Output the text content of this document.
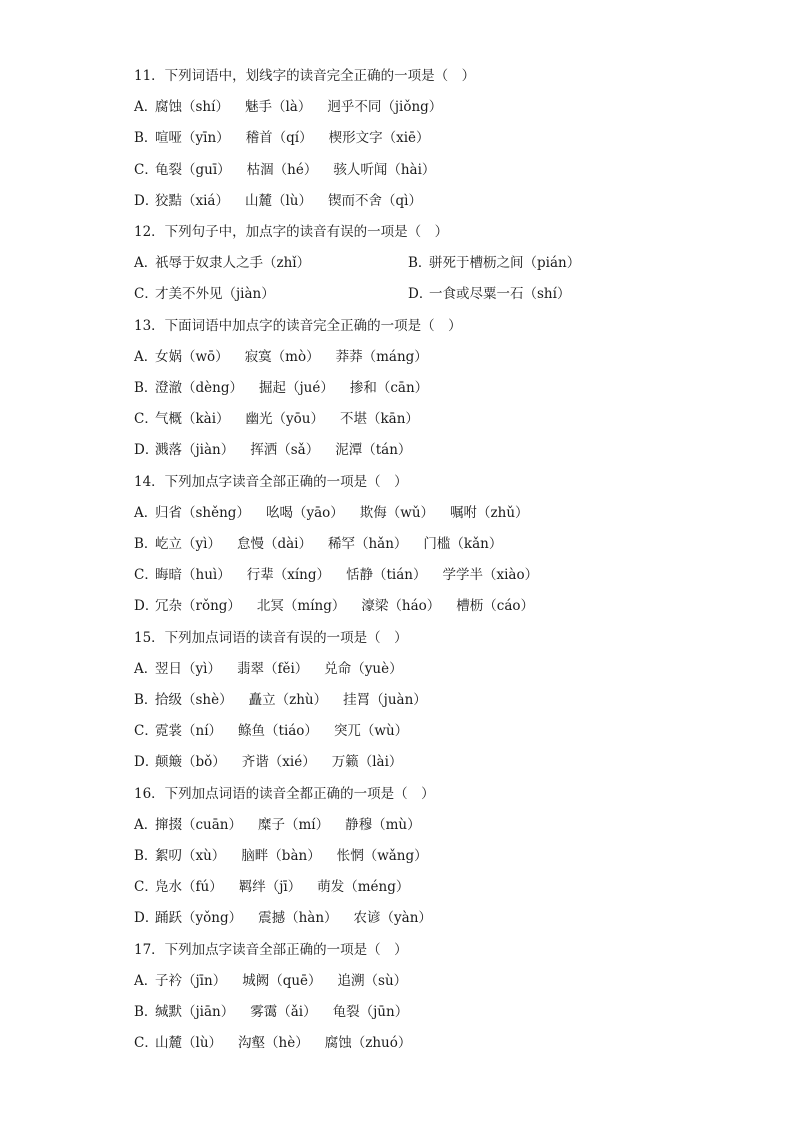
11．下列词语中，划线字的读音完全正确的一项是（　）
A．腐蚀（shí） 魅手（là） 迥乎不同（jiǒng）
B．喧哑（yīn） 稽首（qí） 楔形文字（xiē）
C．龟裂（guī） 枯涸（hé） 骇人听闻（hài）
D．狡黠（xiá） 山麓（lù） 锲而不舍（qì）
12．下列句子中，加点字的读音有误的一项是（　）
A．祇辱于奴隶人之手（zhǐ）	B．骈死于槽枥之间（pián）
C．才美不外见（jiàn）	D．一食或尽粟一石（shí）
13．下面词语中加点字的读音完全正确的一项是（　）
A．女娲（wō） 寂寞（mò） 莽莽（máng）
B．澄澈（dèng） 掘起（jué） 掺和（cān）
C．气概（kài） 幽光（yōu） 不堪（kān）
D．溅落（jiàn） 挥洒（sǎ） 泥潭（tán）
14．下列加点字读音全部正确的一项是（　）
A．归省（shěng） 吆喝（yāo） 欺侮（wǔ） 嘱咐（zhǔ）
B．屹立（yì） 怠慢（dài） 稀罕（hǎn） 门槛（kǎn）
C．晦暗（huì） 行辈（xíng） 恬静（tián） 学学半（xiào）
D．冗杂（rǒng） 北冥（míng） 濠梁（háo） 槽枥（cáo）
15．下列加点词语的读音有误的一项是（　）
A．翌日（yì） 翡翠（fěi） 兑命（yuè）
B．拾级（shè） 矗立（zhù） 挂罥（juàn）
C．霓裳（ní） 鲦鱼（tiáo） 突兀（wù）
D．颠簸（bǒ） 齐谐（xié） 万籁（lài）
16．下列加点词语的读音全都正确的一项是（　）
A．撺掇（cuān） 糜子（mí） 静穆（mù）
B．絮叨（xù） 脑畔（bàn） 怅惘（wǎng）
C．凫水（fú） 羁绊（jī） 萌发（méng）
D．踊跃（yǒng） 震撼（hàn） 农谚（yàn）
17．下列加点字读音全部正确的一项是（　）
A．子衿（jīn） 城阙（quē） 追溯（sù）
B．缄默（jiān） 雾霭（ǎi） 龟裂（jūn）
C．山麓（lù） 沟壑（hè） 腐蚀（zhuó）
